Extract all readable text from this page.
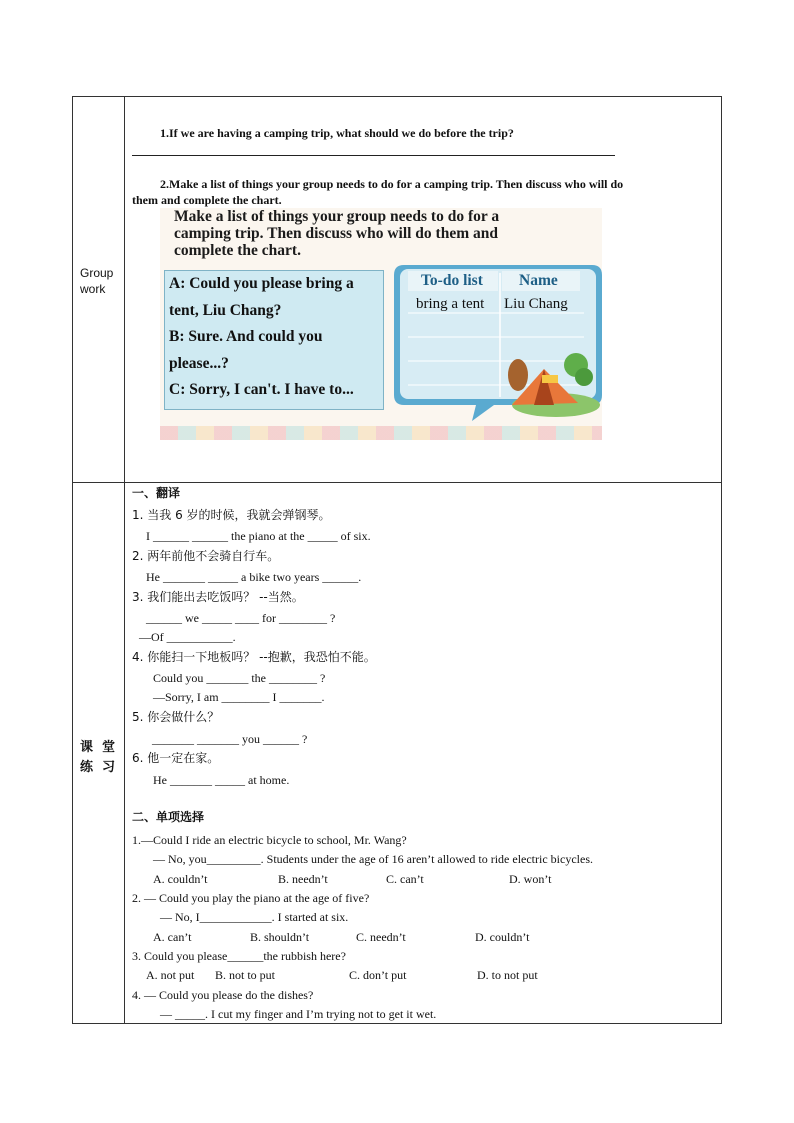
Group
work
1.If we are having a camping trip, what should we do before the trip?
2.Make a list of things your group needs to do for a camping trip. Then discuss who will do
them and complete the chart.
Make a list of things your group needs to do for a
camping trip. Then discuss who will do them and
complete the chart.
A: Could you please bring a
tent, Liu Chang?
B: Sure. And could you
please...?
C: Sorry, I can't. I have to...
To-do list Name
bring a tent Liu Chang
课  堂
练  习
一、翻译
1. 当我 6 岁的时候，我就会弹钢琴。
I ______ ______ the piano at the _____ of six.
2. 两年前他不会骑自行车。
He _______ _____ a bike two years ______.
3. 我们能出去吃饭吗？ --当然。
______ we _____ ____ for ________ ?
—Of ___________.
4. 你能扫一下地板吗？ --抱歉，我恐怕不能。
Could you _______ the ________ ?
—Sorry, I am ________ I _______.
5. 你会做什么？
_______ _______ you ______ ?
6. 他一定在家。
He _______ _____ at home.
二、单项选择
1.—Could I ride an electric bicycle to school, Mr. Wang?
— No, you_________. Students under the age of 16 aren’t allowed to ride electric bicycles.
A. couldn’t	B. needn’t	C. can’t	D. won’t
2. — Could you play the piano at the age of five?
— No, I____________. I started at six.
A. can’t	B. shouldn’t	C. needn’t	D. couldn’t
3. Could you please______the rubbish here?
A. not put B. not to put	C. don’t put	D. to not put
4. — Could you please do the dishes?
— _____. I cut my finger and I’m trying not to get it wet.
